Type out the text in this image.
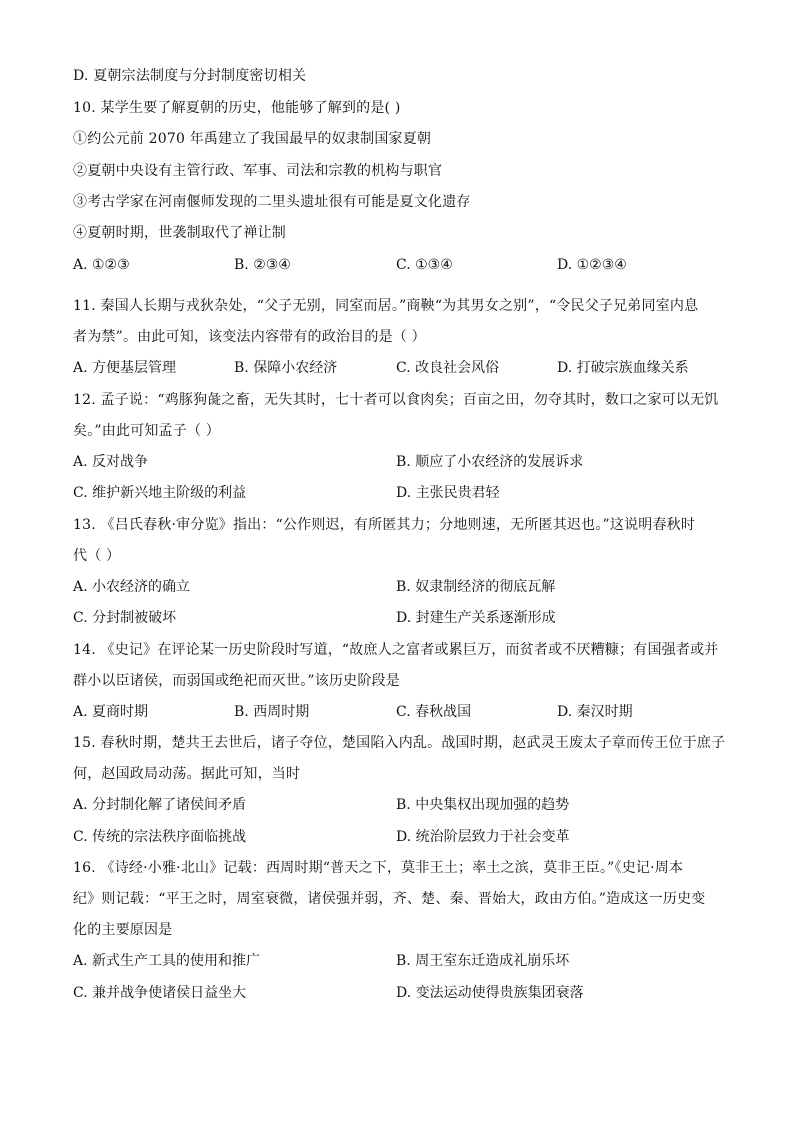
D. 夏朝宗法制度与分封制度密切相关
10. 某学生要了解夏朝的历史，他能够了解到的是( )
①约公元前 2070 年禹建立了我国最早的奴隶制国家夏朝
②夏朝中央设有主管行政、军事、司法和宗教的机构与职官
③考古学家在河南偃师发现的二里头遗址很有可能是夏文化遗存
④夏朝时期，世袭制取代了禅让制
A. ①②③	B. ②③④	C. ①③④	D. ①②③④
11. 秦国人长期与戎狄杂处，“父子无别，同室而居。”商鞅“为其男女之别”，“令民父子兄弟同室内息
者为禁”。由此可知，该变法内容带有的政治目的是（ ）
A. 方便基层管理	B. 保障小农经济	C. 改良社会风俗	D. 打破宗族血缘关系
12. 孟子说：“鸡豚狗彘之畜，无失其时，七十者可以食肉矣；百亩之田，勿夺其时，数口之家可以无饥
矣。”由此可知孟子（ ）
A. 反对战争	B. 顺应了小农经济的发展诉求
C. 维护新兴地主阶级的利益	D. 主张民贵君轻
13. 《吕氏春秋·审分览》指出：“公作则迟，有所匿其力；分地则速，无所匿其迟也。”这说明春秋时
代（ ）
A. 小农经济的确立	B. 奴隶制经济的彻底瓦解
C. 分封制被破坏	D. 封建生产关系逐渐形成
14. 《史记》在评论某一历史阶段时写道，“故庶人之富者或累巨万，而贫者或不厌糟糠；有国强者或并
群小以臣诸侯，而弱国或绝祀而灭世。”该历史阶段是
A. 夏商时期	B. 西周时期	C. 春秋战国	D. 秦汉时期
15. 春秋时期，楚共王去世后，诸子夺位，楚国陷入内乱。战国时期，赵武灵王废太子章而传王位于庶子
何，赵国政局动荡。据此可知，当时
A. 分封制化解了诸侯间矛盾	B. 中央集权出现加强的趋势
C. 传统的宗法秩序面临挑战	D. 统治阶层致力于社会变革
16. 《诗经·小雅·北山》记载：西周时期“普天之下，莫非王土；率土之滨，莫非王臣。”《史记·周本
纪》则记载：“平王之时，周室衰微，诸侯强并弱，齐、楚、秦、晋始大，政由方伯。”造成这一历史变
化的主要原因是
A. 新式生产工具的使用和推广	B. 周王室东迁造成礼崩乐坏
C. 兼并战争使诸侯日益坐大	D. 变法运动使得贵族集团衰落
